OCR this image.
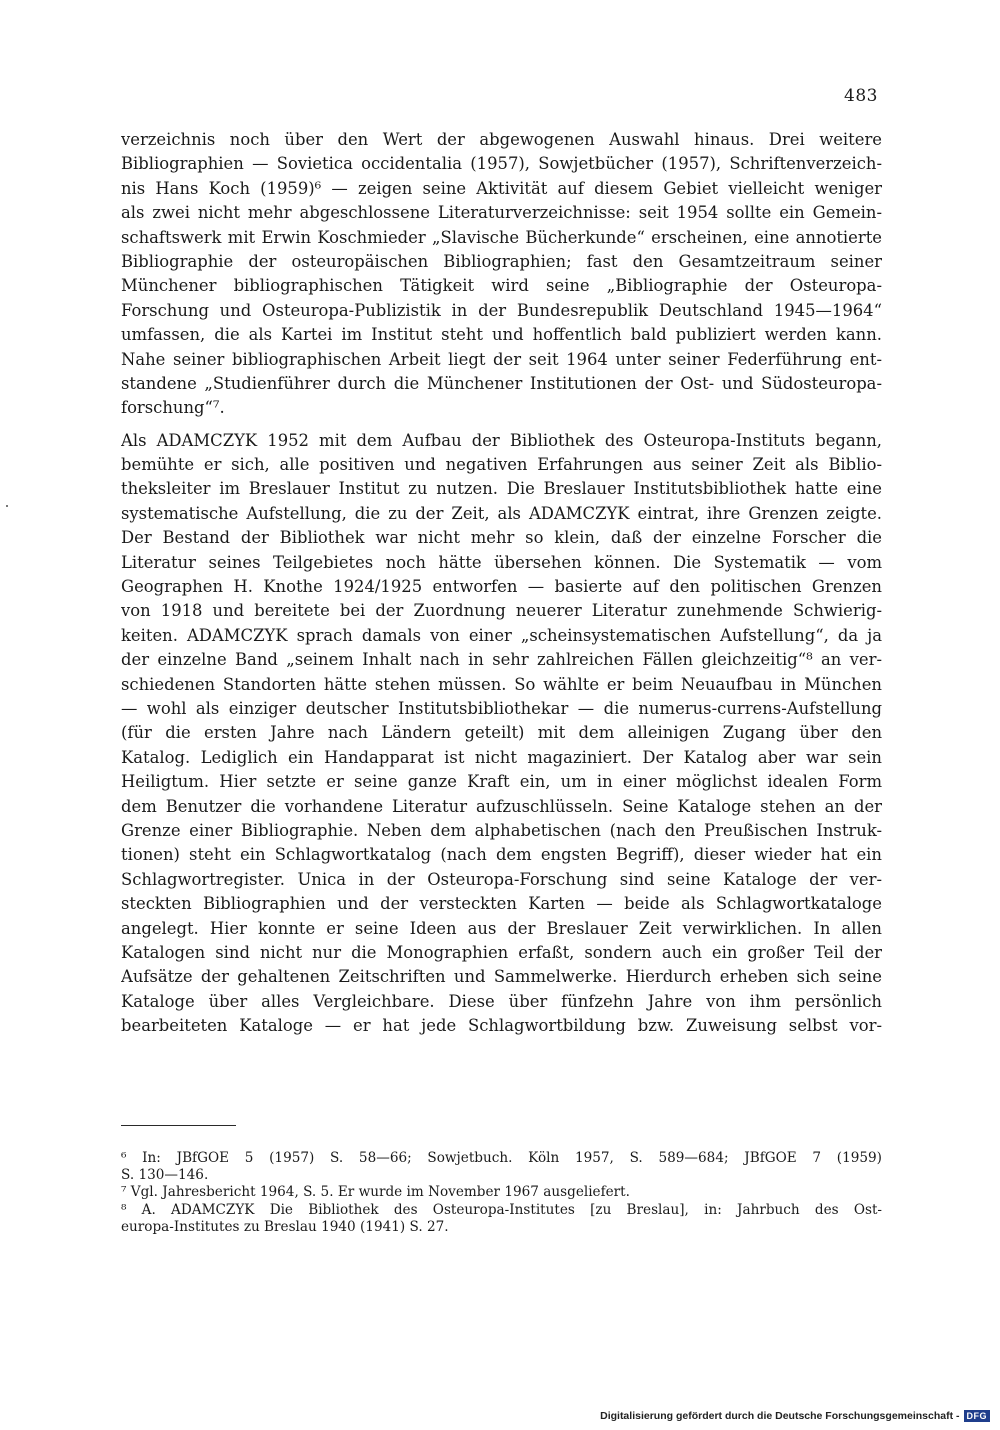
483
verzeichnis noch über den Wert der abgewogenen Auswahl hinaus. Drei weitere
Bibliographien — Sovietica occidentalia (1957), Sowjetbücher (1957), Schriftenverzeich-
nis Hans Koch (1959)⁶ — zeigen seine Aktivität auf diesem Gebiet vielleicht weniger
als zwei nicht mehr abgeschlossene Literaturverzeichnisse: seit 1954 sollte ein Gemein-
schaftswerk mit Erwin Koschmieder „Slavische Bücherkunde“ erscheinen, eine annotierte
Bibliographie der osteuropäischen Bibliographien; fast den Gesamtzeitraum seiner
Münchener bibliographischen Tätigkeit wird seine „Bibliographie der Osteuropa-
Forschung und Osteuropa-Publizistik in der Bundesrepublik Deutschland 1945—1964“
umfassen, die als Kartei im Institut steht und hoffentlich bald publiziert werden kann.
Nahe seiner bibliographischen Arbeit liegt der seit 1964 unter seiner Federführung ent-
standene „Studienführer durch die Münchener Institutionen der Ost- und Südosteuropa-
forschung“⁷.
Als ADAMCZYK 1952 mit dem Aufbau der Bibliothek des Osteuropa-Instituts begann,
bemühte er sich, alle positiven und negativen Erfahrungen aus seiner Zeit als Biblio-
theksleiter im Breslauer Institut zu nutzen. Die Breslauer Institutsbibliothek hatte eine
systematische Aufstellung, die zu der Zeit, als ADAMCZYK eintrat, ihre Grenzen zeigte.
Der Bestand der Bibliothek war nicht mehr so klein, daß der einzelne Forscher die
Literatur seines Teilgebietes noch hätte übersehen können. Die Systematik — vom
Geographen H. Knothe 1924/1925 entworfen — basierte auf den politischen Grenzen
von 1918 und bereitete bei der Zuordnung neuerer Literatur zunehmende Schwierig-
keiten. ADAMCZYK sprach damals von einer „scheinsystematischen Aufstellung“, da ja
der einzelne Band „seinem Inhalt nach in sehr zahlreichen Fällen gleichzeitig“⁸ an ver-
schiedenen Standorten hätte stehen müssen. So wählte er beim Neuaufbau in München
— wohl als einziger deutscher Institutsbibliothekar — die numerus-currens-Aufstellung
(für die ersten Jahre nach Ländern geteilt) mit dem alleinigen Zugang über den
Katalog. Lediglich ein Handapparat ist nicht magaziniert. Der Katalog aber war sein
Heiligtum. Hier setzte er seine ganze Kraft ein, um in einer möglichst idealen Form
dem Benutzer die vorhandene Literatur aufzuschlüsseln. Seine Kataloge stehen an der
Grenze einer Bibliographie. Neben dem alphabetischen (nach den Preußischen Instruk-
tionen) steht ein Schlagwortkatalog (nach dem engsten Begriff), dieser wieder hat ein
Schlagwortregister. Unica in der Osteuropa-Forschung sind seine Kataloge der ver-
steckten Bibliographien und der versteckten Karten — beide als Schlagwortkataloge
angelegt. Hier konnte er seine Ideen aus der Breslauer Zeit verwirklichen. In allen
Katalogen sind nicht nur die Monographien erfaßt, sondern auch ein großer Teil der
Aufsätze der gehaltenen Zeitschriften und Sammelwerke. Hierdurch erheben sich seine
Kataloge über alles Vergleichbare. Diese über fünfzehn Jahre von ihm persönlich
bearbeiteten Kataloge — er hat jede Schlagwortbildung bzw. Zuweisung selbst vor-
⁶ In: JBfGOE 5 (1957) S. 58—66; Sowjetbuch. Köln 1957, S. 589—684; JBfGOE 7 (1959)
S. 130—146.
⁷ Vgl. Jahresbericht 1964, S. 5. Er wurde im November 1967 ausgeliefert.
⁸ A. ADAMCZYK Die Bibliothek des Osteuropa-Institutes [zu Breslau], in: Jahrbuch des Ost-
europa-Institutes zu Breslau 1940 (1941) S. 27.
Digitalisierung gefördert durch die Deutsche Forschungsgemeinschaft - DFG
